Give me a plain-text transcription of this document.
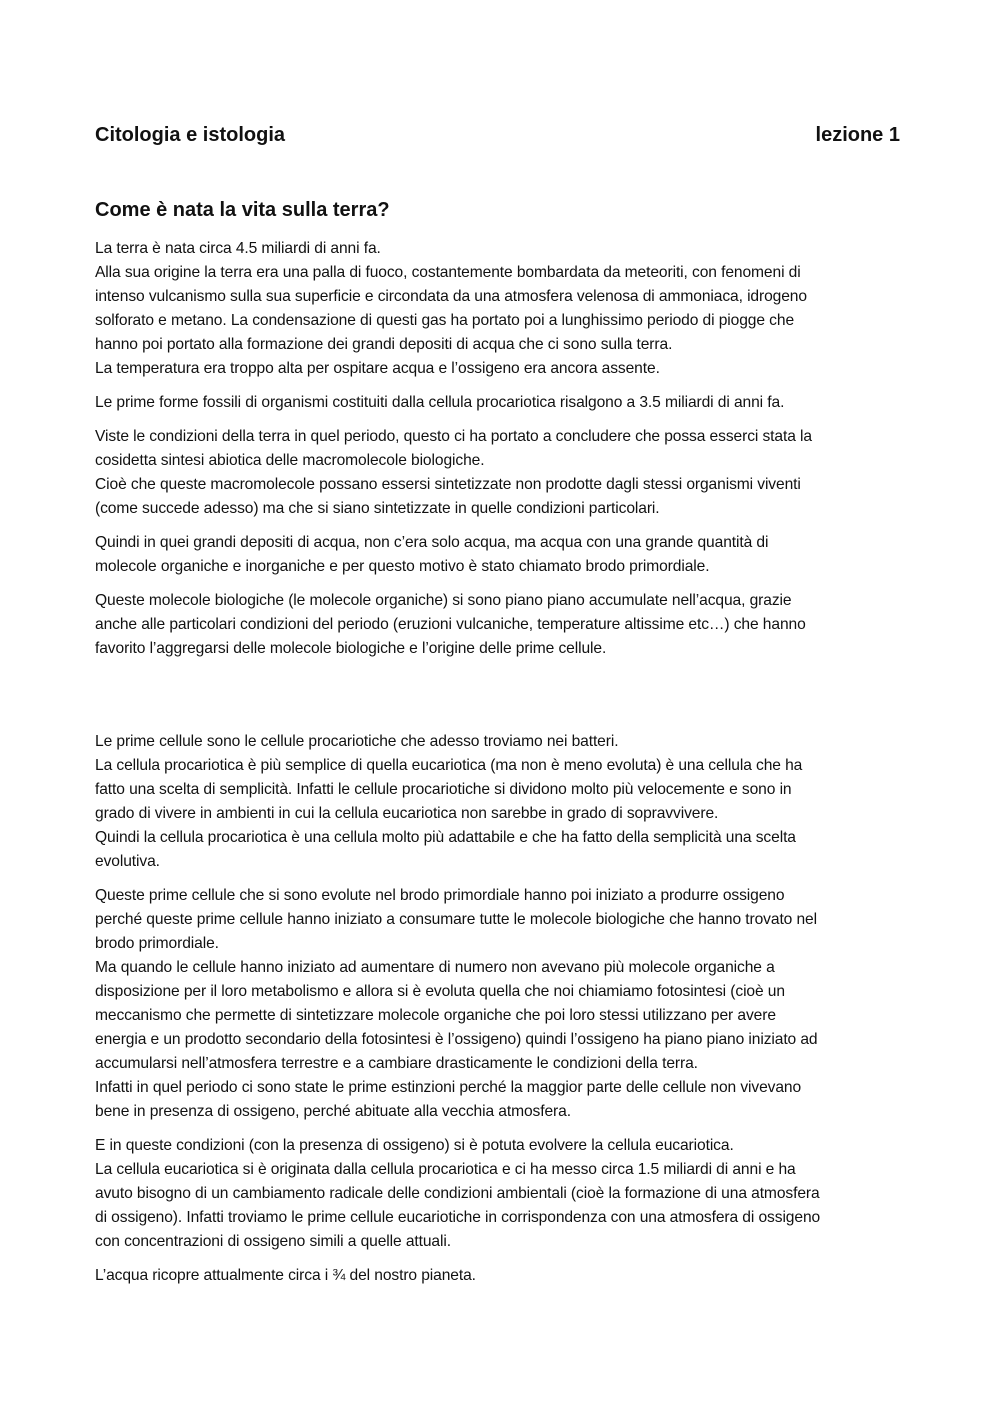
Citologia e istologia	lezione 1
Come è nata la vita sulla terra?

La terra è nata circa 4.5 miliardi di anni fa.
Alla sua origine la terra era una palla di fuoco, costantemente bombardata da meteoriti, con fenomeni di
intenso vulcanismo sulla sua superficie e circondata da una atmosfera velenosa di ammoniaca, idrogeno
solforato e metano. La condensazione di questi gas ha portato poi a lunghissimo periodo di piogge che
hanno poi portato alla formazione dei grandi depositi di acqua che ci sono sulla terra.
La temperatura era troppo alta per ospitare acqua e l’ossigeno era ancora assente.

Le prime forme fossili di organismi costituiti dalla cellula procariotica risalgono a 3.5 miliardi di anni fa.

Viste le condizioni della terra in quel periodo, questo ci ha portato a concludere che possa esserci stata la
cosidetta sintesi abiotica delle macromolecole biologiche.
Cioè che queste macromolecole possano essersi sintetizzate non prodotte dagli stessi organismi viventi
(come succede adesso) ma che si siano sintetizzate in quelle condizioni particolari.

Quindi in quei grandi depositi di acqua, non c’era solo acqua, ma acqua con una grande quantità di
molecole organiche e inorganiche e per questo motivo è stato chiamato brodo primordiale.

Queste molecole biologiche (le molecole organiche) si sono piano piano accumulate nell’acqua, grazie
anche alle particolari condizioni del periodo (eruzioni vulcaniche, temperature altissime etc…) che hanno
favorito l’aggregarsi delle molecole biologiche e l’origine delle prime cellule.

Le prime cellule sono le cellule procariotiche che adesso troviamo nei batteri.
La cellula procariotica è più semplice di quella eucariotica (ma non è meno evoluta) è una cellula che ha
fatto una scelta di semplicità. Infatti le cellule procariotiche si dividono molto più velocemente e sono in
grado di vivere in ambienti in cui la cellula eucariotica non sarebbe in grado di sopravvivere.
Quindi la cellula procariotica è una cellula molto più adattabile e che ha fatto della semplicità una scelta
evolutiva.

Queste prime cellule che si sono evolute nel brodo primordiale hanno poi iniziato a produrre ossigeno
perché queste prime cellule hanno iniziato a consumare tutte le molecole biologiche che hanno trovato nel
brodo primordiale.
Ma quando le cellule hanno iniziato ad aumentare di numero non avevano più molecole organiche a
disposizione per il loro metabolismo e allora si è evoluta quella che noi chiamiamo fotosintesi (cioè un
meccanismo che permette di sintetizzare molecole organiche che poi loro stessi utilizzano per avere
energia e un prodotto secondario della fotosintesi è l’ossigeno) quindi l’ossigeno ha piano piano iniziato ad
accumularsi nell’atmosfera terrestre e a cambiare drasticamente le condizioni della terra.
Infatti in quel periodo ci sono state le prime estinzioni perché la maggior parte delle cellule non vivevano
bene in presenza di ossigeno, perché abituate alla vecchia atmosfera.

E in queste condizioni (con la presenza di ossigeno) si è potuta evolvere la cellula eucariotica.
La cellula eucariotica si è originata dalla cellula procariotica e ci ha messo circa 1.5 miliardi di anni e ha
avuto bisogno di un cambiamento radicale delle condizioni ambientali (cioè la formazione di una atmosfera
di ossigeno). Infatti troviamo le prime cellule eucariotiche in corrispondenza con una atmosfera di ossigeno
con concentrazioni di ossigeno simili a quelle attuali.

L’acqua ricopre attualmente circa i ¾ del nostro pianeta.
